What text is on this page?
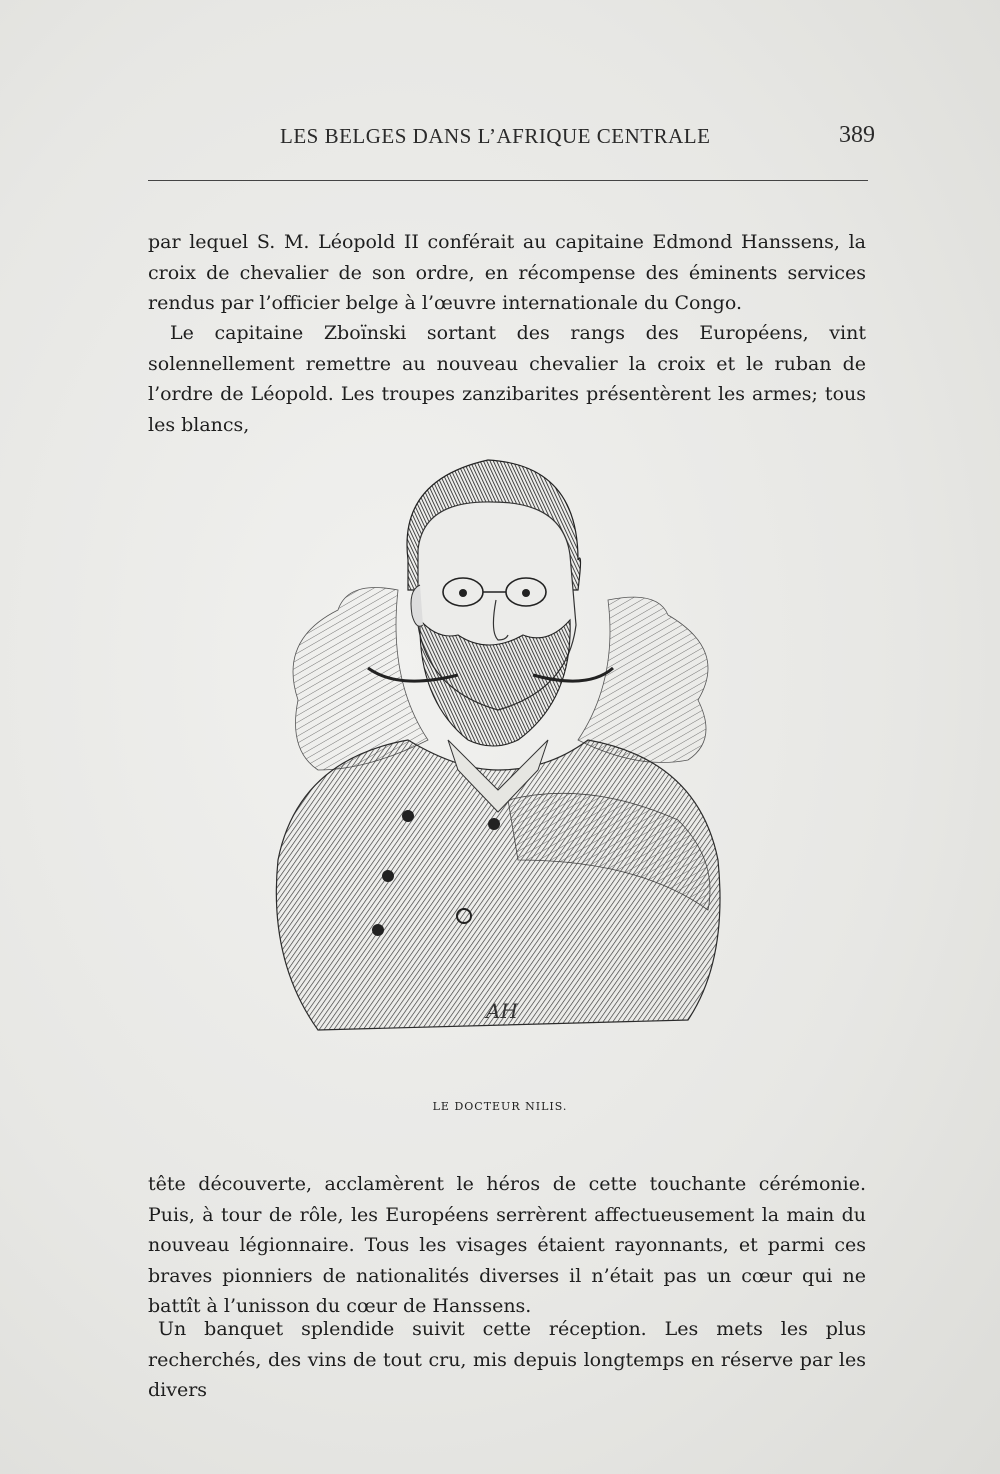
LES BELGES DANS L’AFRIQUE CENTRALE	389

par lequel S. M. Léopold II conférait au capitaine Edmond Hanssens, la croix de chevalier de son ordre, en récompense des éminents services rendus par l’officier belge à l’œuvre internationale du Congo.

Le capitaine Zboïnski sortant des rangs des Européens, vint solennellement remettre au nouveau chevalier la croix et le ruban de l’ordre de Léopold. Les troupes zanzibarites présentèrent les armes; tous les blancs,

AH
LE DOCTEUR NILIS.

tête découverte, acclamèrent le héros de cette touchante cérémonie. Puis, à tour de rôle, les Européens serrèrent affectueusement la main du nouveau légionnaire. Tous les visages étaient rayonnants, et parmi ces braves pionniers de nationalités diverses il n’était pas un cœur qui ne battît à l’unisson du cœur de Hanssens.

Un banquet splendide suivit cette réception. Les mets les plus recherchés, des vins de tout cru, mis depuis longtemps en réserve par les divers
